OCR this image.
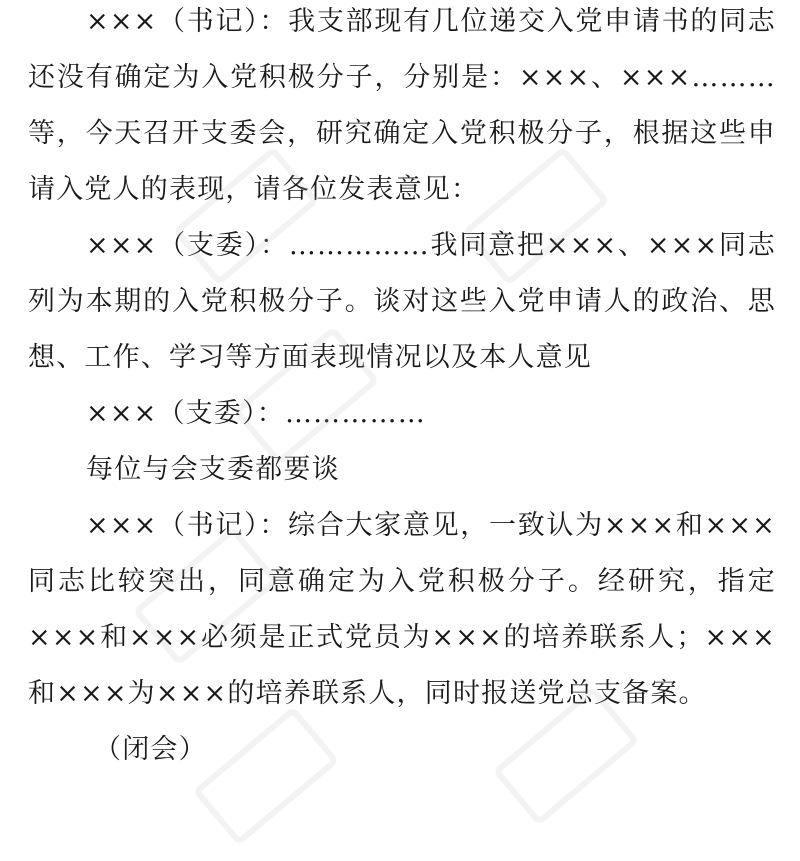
×××（书记）：我支部现有几位递交入党申请书的同志还没有确定为入党积极分子，分别是：×××、×××………等，今天召开支委会，研究确定入党积极分子，根据这些申请入党人的表现，请各位发表意见：

×××（支委）：……………我同意把×××、×××同志列为本期的入党积极分子。谈对这些入党申请人的政治、思想、工作、学习等方面表现情况以及本人意见

×××（支委）：……………

每位与会支委都要谈

×××（书记）：综合大家意见，一致认为×××和×××同志比较突出，同意确定为入党积极分子。经研究，指定×××和×××必须是正式党员为×××的培养联系人；×××和×××为×××的培养联系人，同时报送党总支备案。

（闭会）
